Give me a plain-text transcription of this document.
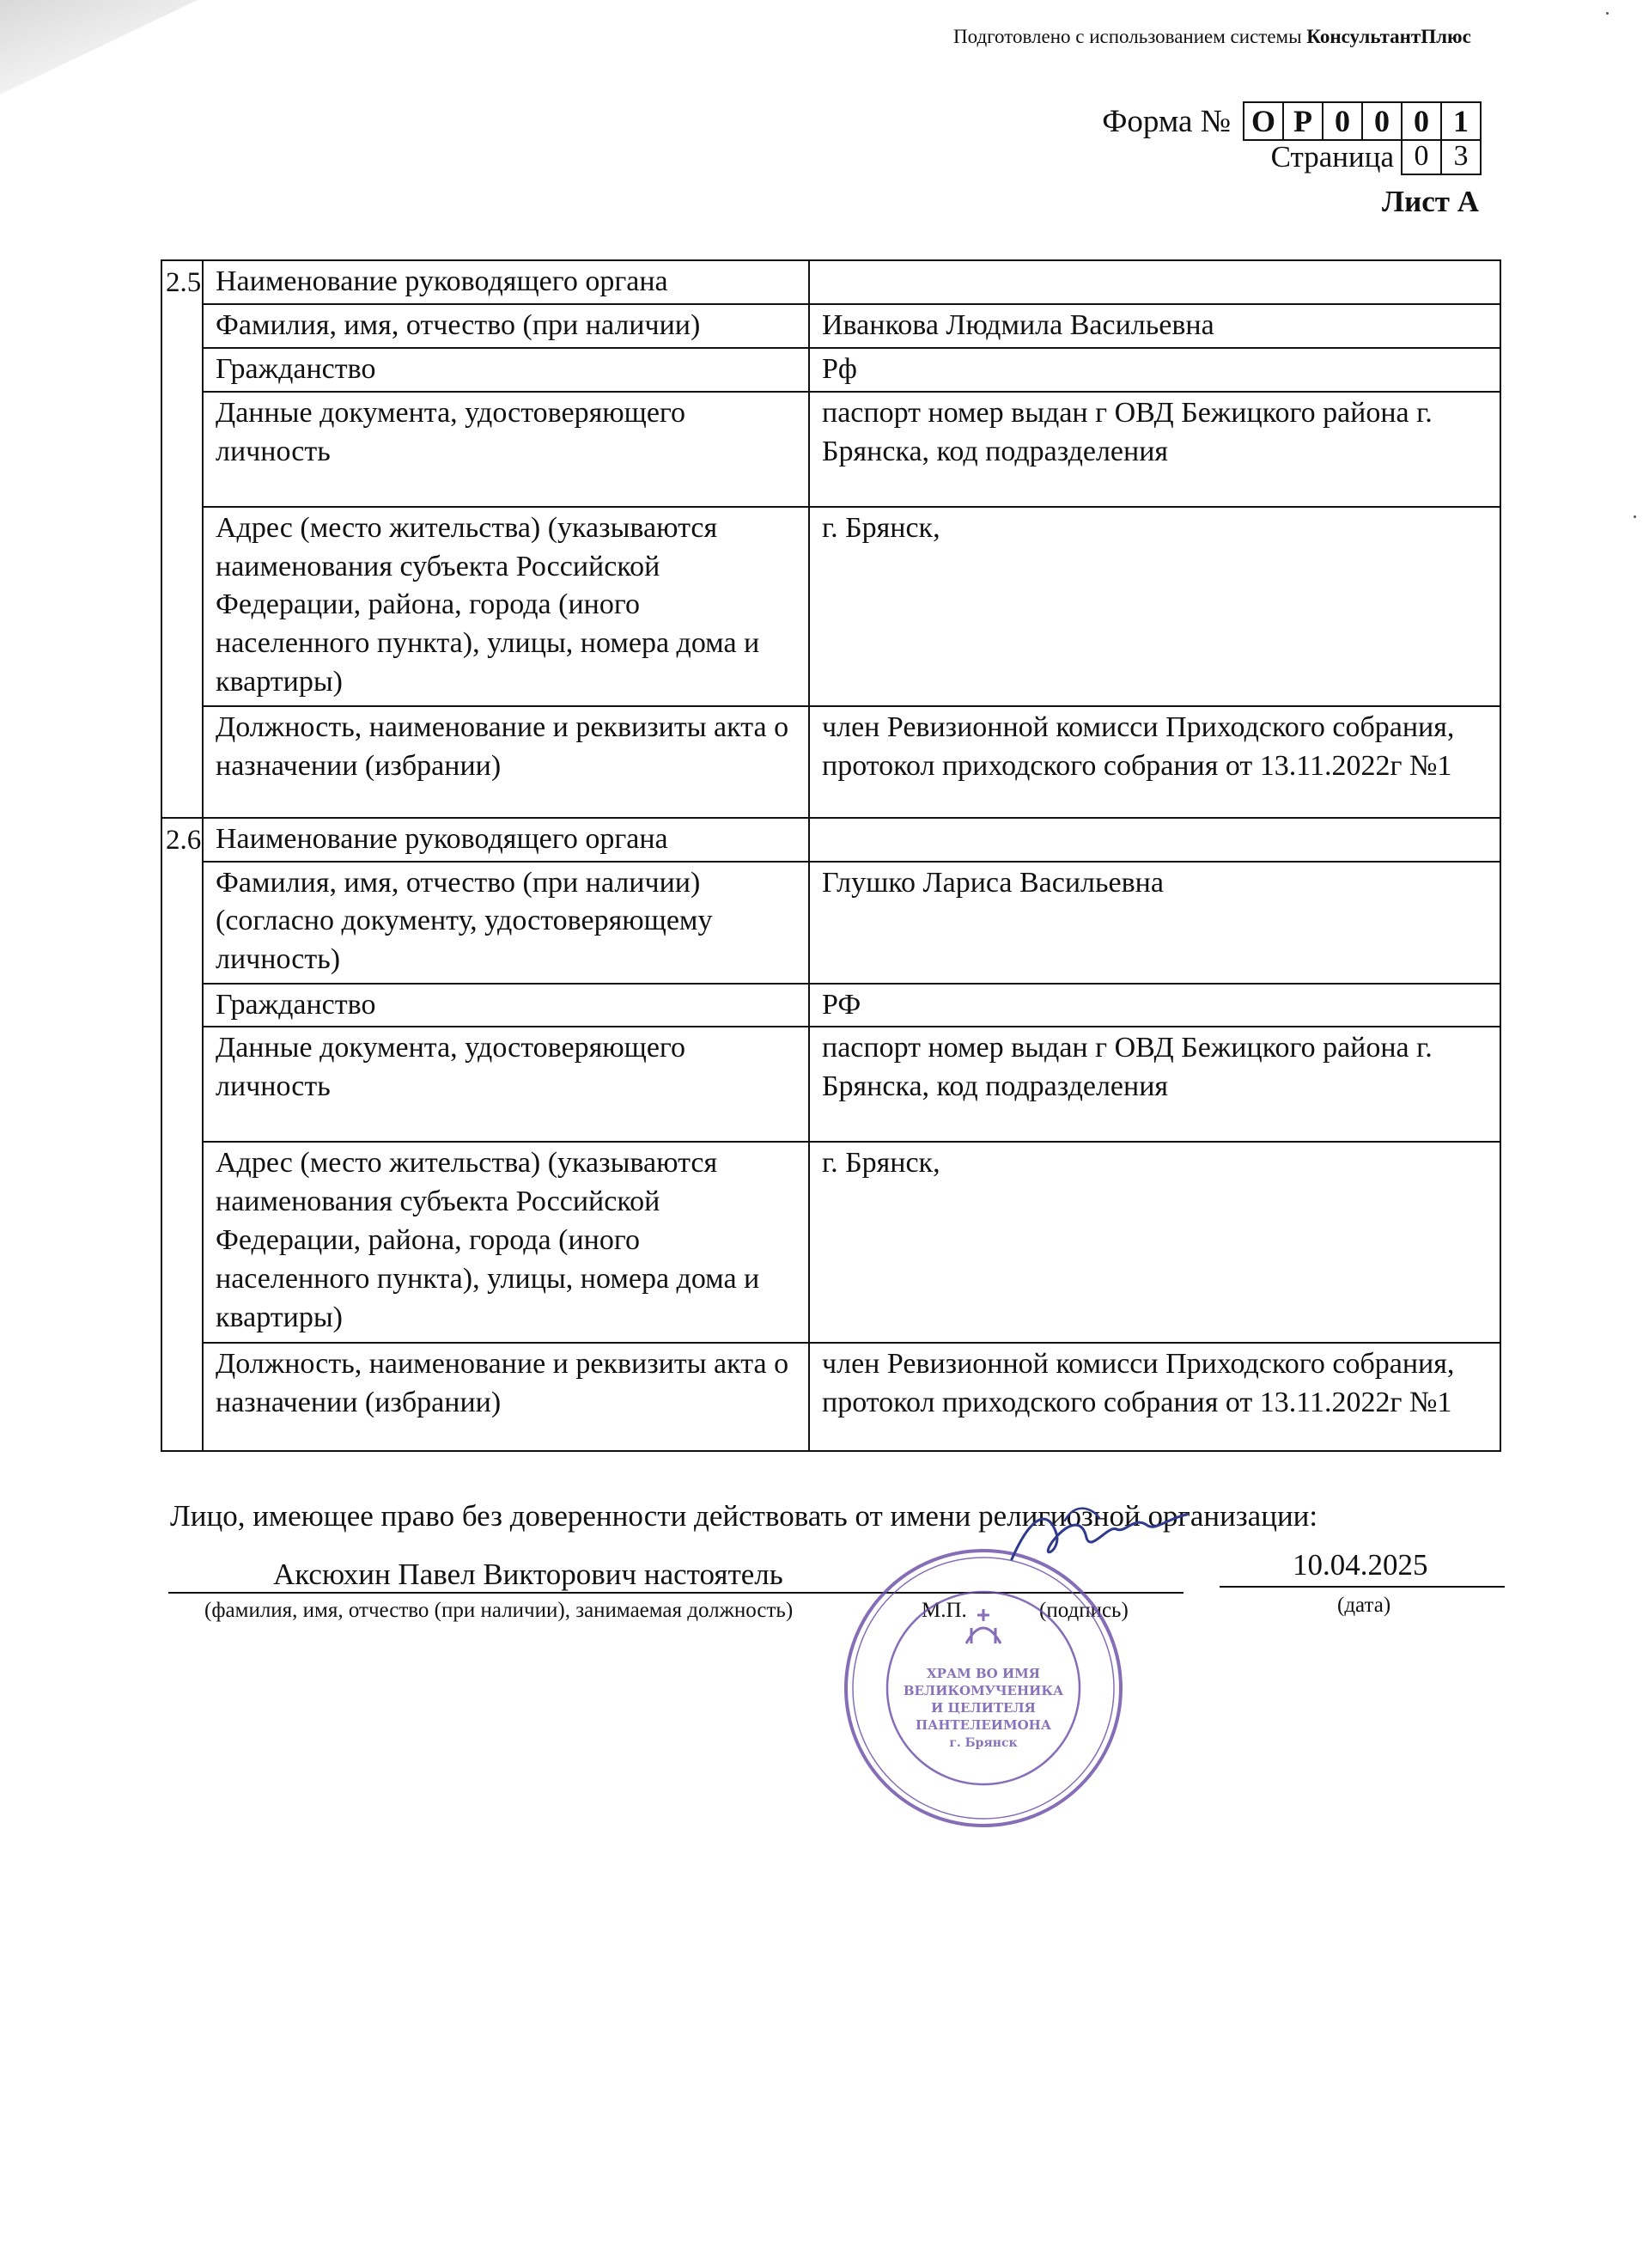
Подготовлено с использованием системы КонсультантПлюс
Форма № О Р 0 0 0 1
Страница 0 3
Лист А
2.5	Наименование руководящего органа	
	Фамилия, имя, отчество (при наличии)	Иванкова Людмила Васильевна
	Гражданство	Рф
	Данные документа, удостоверяющего личность	паспорт номер выдан г ОВД Бежицкого района г. Брянска, код подразделения
	Адрес (место жительства) (указываются наименования субъекта Российской Федерации, района, города (иного населенного пункта), улицы, номера дома и квартиры)	г. Брянск,
	Должность, наименование и реквизиты акта о назначении (избрании)	член Ревизионной комисси Приходского собрания, протокол приходского собрания от 13.11.2022г №1
2.6	Наименование руководящего органа	
	Фамилия, имя, отчество (при наличии) (согласно документу, удостоверяющему личность)	Глушко Лариса Васильевна
	Гражданство	РФ
	Данные документа, удостоверяющего личность	паспорт номер выдан г ОВД Бежицкого района г. Брянска, код подразделения
	Адрес (место жительства) (указываются наименования субъекта Российской Федерации, района, города (иного населенного пункта), улицы, номера дома и квартиры)	г. Брянск,
	Должность, наименование и реквизиты акта о назначении (избрании)	член Ревизионной комисси Приходского собрания, протокол приходского собрания от 13.11.2022г №1
Лицо, имеющее право без доверенности действовать от имени религиозной организации:
Аксюхин Павел Викторович настоятель	10.04.2025
(фамилия, имя, отчество (при наличии), занимаемая должность)	М.П.	(подпись)	(дата)
ХРАМ ВО ИМЯ
ВЕЛИКОМУЧЕНИКА
И ЦЕЛИТЕЛЯ
ПАНТЕЛЕИМОНА
г. Брянск
